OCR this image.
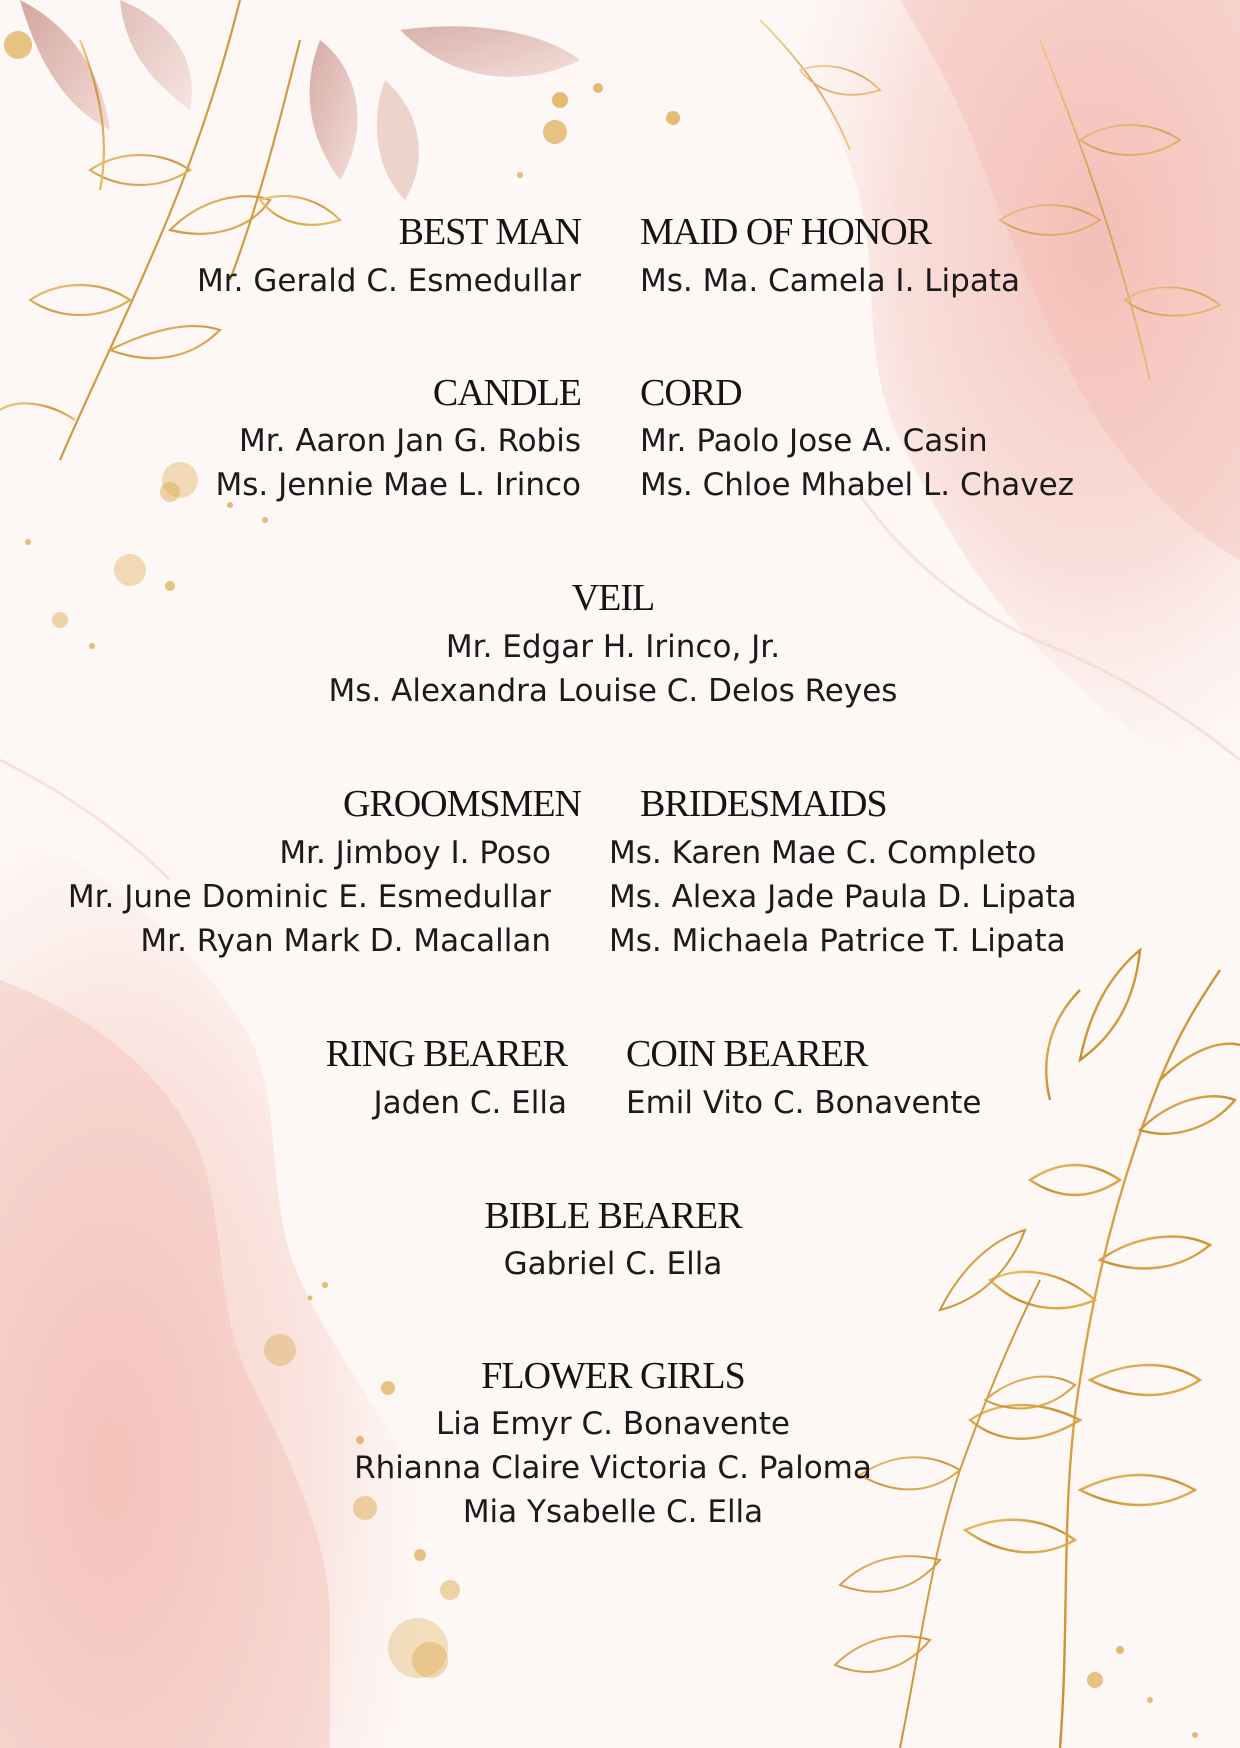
BEST MAN
Mr. Gerald C. Esmedullar
MAID OF HONOR
Ms. Ma. Camela I. Lipata
CANDLE
Mr. Aaron Jan G. Robis
Ms. Jennie Mae L. Irinco
CORD
Mr. Paolo Jose A. Casin
Ms. Chloe Mhabel L. Chavez
VEIL
Mr. Edgar H. Irinco, Jr.
Ms. Alexandra Louise C. Delos Reyes
GROOMSMEN
Mr. Jimboy I. Poso
Mr. June Dominic E. Esmedullar
Mr. Ryan Mark D. Macallan
BRIDESMAIDS
Ms. Karen Mae C. Completo
Ms. Alexa Jade Paula D. Lipata
Ms. Michaela Patrice T. Lipata
RING BEARER
Jaden C. Ella
COIN BEARER
Emil Vito C. Bonavente
BIBLE BEARER
Gabriel C. Ella
FLOWER GIRLS
Lia Emyr C. Bonavente
Rhianna Claire Victoria C. Paloma
Mia Ysabelle C. Ella
